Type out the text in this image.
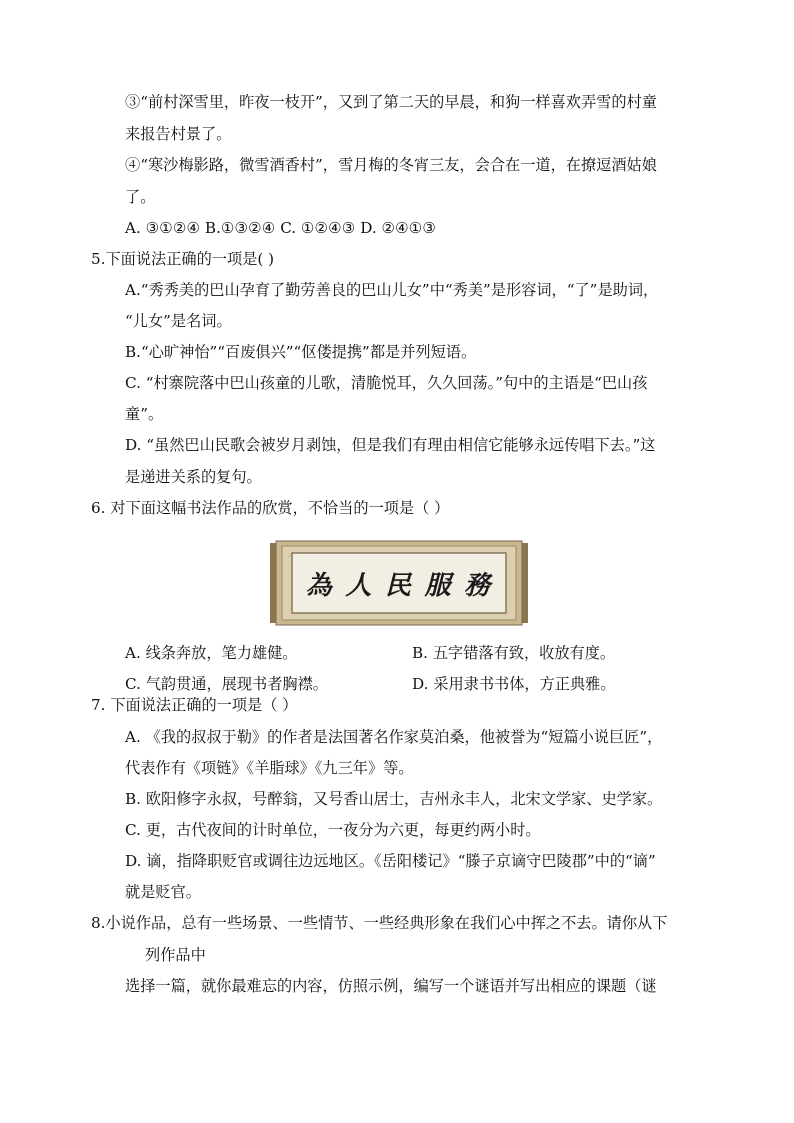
③“前村深雪里，昨夜一枝开”，又到了第二天的早晨，和狗一样喜欢弄雪的村童
来报告村景了。
④“寒沙梅影路，微雪酒香村”，雪月梅的冬宵三友，会合在一道，在撩逗酒姑娘
了。
A. ③①②④ B.①③②④ C. ①②④③ D. ②④①③
5.下面说法正确的一项是( )
A.“秀秀美的巴山孕育了勤劳善良的巴山儿女”中“秀美”是形容词，“了”是助词，
“儿女”是名词。
B.“心旷神怡”“百废俱兴”“伛偻提携”都是并列短语。
C. “村寨院落中巴山孩童的儿歌，清脆悦耳，久久回荡。”句中的主语是“巴山孩
童”。
D. “虽然巴山民歌会被岁月剥蚀，但是我们有理由相信它能够永远传唱下去。”这
是递进关系的复句。
6. 对下面这幅书法作品的欣赏，不恰当的一项是（ ）
7. 下面说法正确的一项是（ ）
A. 《我的叔叔于勒》的作者是法国著名作家莫泊桑，他被誉为“短篇小说巨匠”，
代表作有《项链》《羊脂球》《九三年》等。
B. 欧阳修字永叔，号醉翁，又号香山居士，吉州永丰人，北宋文学家、史学家。
C. 更，古代夜间的计时单位，一夜分为六更，每更约两小时。
D. 谪，指降职贬官或调往边远地区。《岳阳楼记》“滕子京谪守巴陵郡”中的“谪”
就是贬官。
8.小说作品，总有一些场景、一些情节、一些经典形象在我们心中挥之不去。请你从下
列作品中
选择一篇，就你最难忘的内容，仿照示例，编写一个谜语并写出相应的课题（谜
為 人 民 服 務
A. 线条奔放，笔力雄健。	B. 五字错落有致，收放有度。
C. 气韵贯通，展现书者胸襟。	D. 采用隶书书体，方正典雅。
